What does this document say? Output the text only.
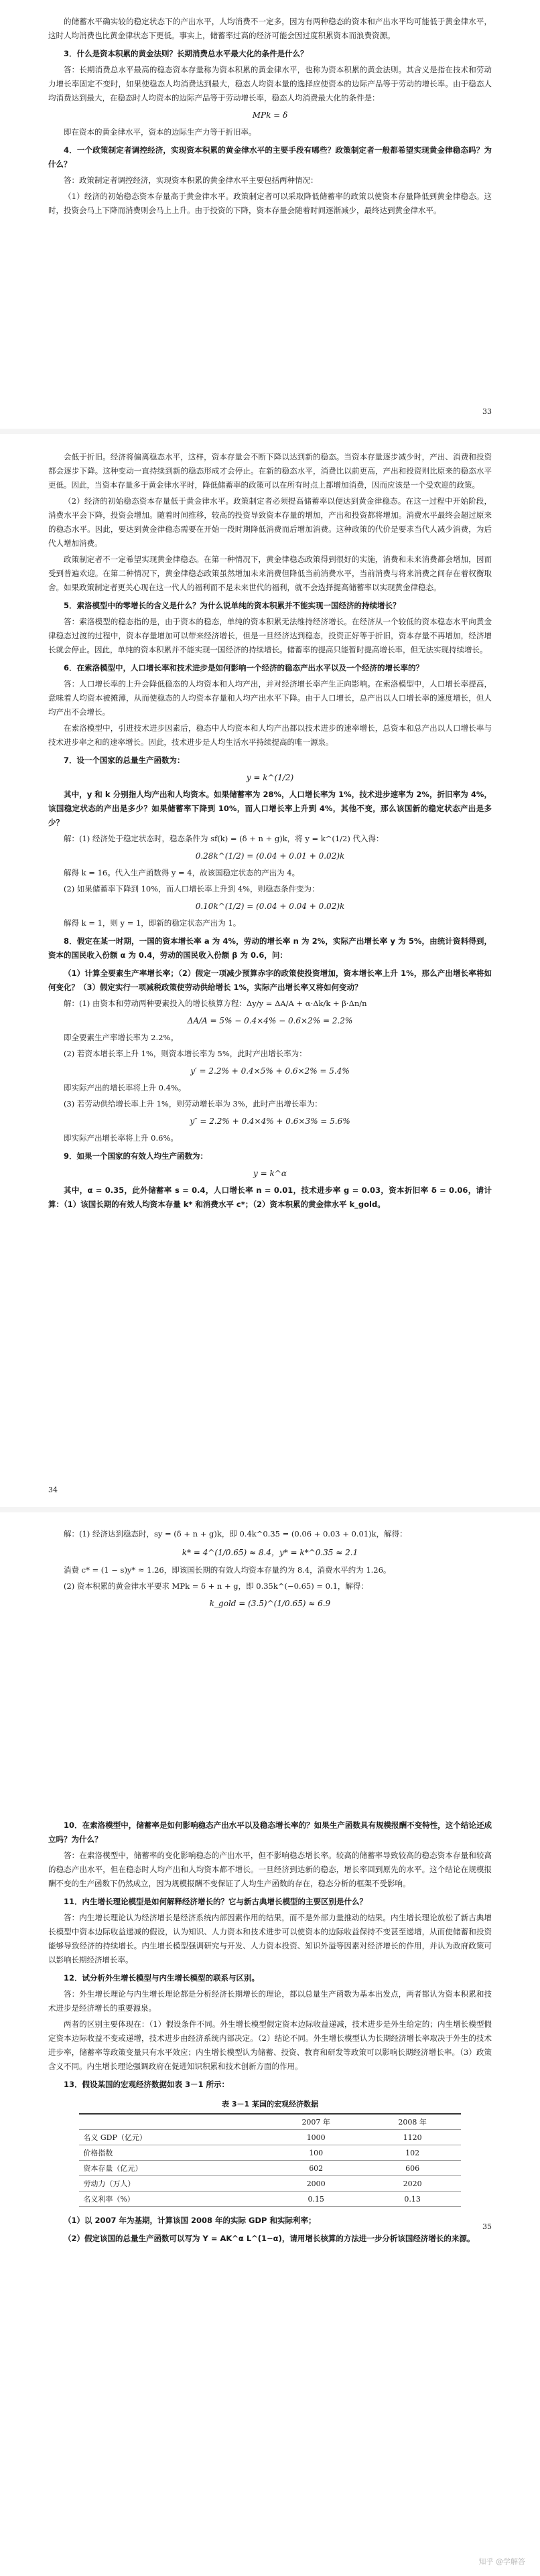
的储蓄水平确实较的稳定状态下的产出水平，人均消费不一定多，因为有两种稳态的资本和产出水平均可能低于黄金律水平，这时人均消费也比黄金律状态下更低。事实上，储蓄率过高的经济可能会因过度积累资本而浪费资源。

3．什么是资本积累的黄金法则？长期消费总水平最大化的条件是什么？

答：长期消费总水平最高的稳态资本存量称为资本积累的黄金律水平，也称为资本积累的黄金法则。其含义是指在技术和劳动力增长率固定不变时，如果使稳态人均消费达到最大，稳态人均资本量的选择应使资本的边际产品等于劳动的增长率。由于稳态人均消费达到最大，在稳态时人均资本的边际产品等于劳动增长率，稳态人均消费最大化的条件是：

MPk = δ

即在资本的黄金律水平，资本的边际生产力等于折旧率。

4．一个政策制定者调控经济，实现资本积累的黄金律水平的主要手段有哪些？政策制定者一般都希望实现黄金律稳态吗？为什么？

答：政策制定者调控经济，实现资本积累的黄金律水平主要包括两种情况：

（1）经济的初始稳态资本存量高于黄金律水平。政策制定者可以采取降低储蓄率的政策以使资本存量降低到黄金律稳态。这时，投资会马上下降而消费则会马上上升。由于投资的下降，资本存量会随着时间逐渐减少，最终达到黄金律水平。

33

会低于折旧。经济将偏离稳态水平，这样，资本存量会不断下降以达到新的稳态。当资本存量逐步减少时，产出、消费和投资都会逐步下降。这种变动一直持续到新的稳态形成才会停止。在新的稳态水平，消费比以前更高，产出和投资则比原来的稳态水平更低。因此，当资本存量多于黄金律水平时，降低储蓄率的政策可以在所有时点上都增加消费，因而应该是一个受欢迎的政策。

（2）经济的初始稳态资本存量低于黄金律水平。政策制定者必须提高储蓄率以便达到黄金律稳态。在这一过程中开始阶段，消费水平会下降，投资会增加。随着时间推移，较高的投资导致资本存量的增加，产出和投资都将增加。消费水平最终会超过原来的稳态水平。因此，要达到黄金律稳态需要在开始一段时期降低消费而后增加消费。这种政策的代价是要求当代人减少消费，为后代人增加消费。

政策制定者不一定希望实现黄金律稳态。在第一种情况下，黄金律稳态政策得到很好的实施，消费和未来消费都会增加，因而受到普遍欢迎。在第二种情况下，黄金律稳态政策虽然增加未来消费但降低当前消费水平，当前消费与将来消费之间存在着权衡取舍。如果政策制定者更关心现在这一代人的福利而不是未来世代的福利，就不会选择提高储蓄率以实现黄金律稳态。

5．索洛模型中的零增长的含义是什么？为什么说单纯的资本积累并不能实现一国经济的持续增长？

答：索洛模型的稳态指的是，由于资本的稳态，单纯的资本积累无法维持经济增长。在经济从一个较低的资本稳态水平向黄金律稳态过渡的过程中，资本存量增加可以带来经济增长，但是一旦经济达到稳态，投资正好等于折旧，资本存量不再增加，经济增长就会停止。因此，单纯的资本积累并不能实现一国经济的持续增长。储蓄率的提高只能暂时提高增长率，但无法实现持续增长。

6．在索洛模型中，人口增长率和技术进步是如何影响一个经济的稳态产出水平以及一个经济的增长率的？

答：人口增长率的上升会降低稳态的人均资本和人均产出，并对经济增长率产生正向影响。在索洛模型中，人口增长率提高，意味着人均资本被摊薄，从而使稳态的人均资本存量和人均产出水平下降。由于人口增长，总产出以人口增长率的速度增长，但人均产出不会增长。

在索洛模型中，引进技术进步因素后，稳态中人均资本和人均产出都以技术进步的速率增长，总资本和总产出以人口增长率与技术进步率之和的速率增长。因此，技术进步是人均生活水平持续提高的唯一源泉。

7．设一个国家的总量生产函数为：

y = k^(1/2)

其中，y 和 k 分别指人均产出和人均资本。如果储蓄率为 28%，人口增长率为 1%，技术进步速率为 2%，折旧率为 4%，该国稳定状态的产出是多少？如果储蓄率下降到 10%，而人口增长率上升到 4%，其他不变，那么该国新的稳定状态产出是多少？

解：(1) 经济处于稳定状态时，稳态条件为 sf(k) = (δ + n + g)k，将 y = k^(1/2) 代入得：

0.28k^(1/2) = (0.04 + 0.01 + 0.02)k

解得 k = 16。代入生产函数得 y = 4，故该国稳定状态的产出为 4。

(2) 如果储蓄率下降到 10%，而人口增长率上升到 4%，则稳态条件变为：

0.10k^(1/2) = (0.04 + 0.04 + 0.02)k

解得 k = 1，则 y = 1，即新的稳定状态产出为 1。

8．假定在某一时期，一国的资本增长率 a 为 4%，劳动的增长率 n 为 2%，实际产出增长率 y 为 5%，由统计资料得到，资本的国民收入份额 α 为 0.4，劳动的国民收入份额 β 为 0.6，问：

（1）计算全要素生产率增长率；（2）假定一项减少预算赤字的政策使投资增加，资本增长率上升 1%，那么产出增长率将如何变化？（3）假定实行一项减税政策使劳动供给增长 1%，实际产出增长率又将如何变动？

解：(1) 由资本和劳动两种要素投入的增长核算方程：Δy/y = ΔA/A + α·Δk/k + β·Δn/n

ΔA/A = 5% − 0.4×4% − 0.6×2% = 2.2%

即全要素生产率增长率为 2.2%。

(2) 若资本增长率上升 1%，则资本增长率为 5%，此时产出增长率为：

y′ = 2.2% + 0.4×5% + 0.6×2% = 5.4%

即实际产出的增长率将上升 0.4%。

(3) 若劳动供给增长率上升 1%，则劳动增长率为 3%，此时产出增长率为：

y″ = 2.2% + 0.4×4% + 0.6×3% = 5.6%

即实际产出增长率将上升 0.6%。

9．如果一个国家的有效人均生产函数为：

y = k^α

其中，α = 0.35，此外储蓄率 s = 0.4，人口增长率 n = 0.01，技术进步率 g = 0.03，资本折旧率 δ = 0.06，请计算：（1）该国长期的有效人均资本存量 k* 和消费水平 c*；（2）资本积累的黄金律水平 k_gold。

34

解：(1) 经济达到稳态时，sy = (δ + n + g)k，即 0.4k^0.35 = (0.06 + 0.03 + 0.01)k，解得：

k* = 4^(1/0.65) ≈ 8.4，y* = k*^0.35 ≈ 2.1

消费 c* = (1 − s)y* ≈ 1.26，即该国长期的有效人均资本存量约为 8.4，消费水平约为 1.26。

(2) 资本积累的黄金律水平要求 MPk = δ + n + g，即 0.35k^(−0.65) = 0.1，解得：

k_gold = (3.5)^(1/0.65) ≈ 6.9

10．在索洛模型中，储蓄率是如何影响稳态产出水平以及稳态增长率的？如果生产函数具有规模报酬不变特性，这个结论还成立吗？为什么？

答：在索洛模型中，储蓄率的变化影响稳态的产出水平，但不影响稳态增长率。较高的储蓄率导致较高的稳态资本存量和较高的稳态产出水平，但在稳态时人均产出和人均资本都不增长。一旦经济到达新的稳态，增长率回到原先的水平。这个结论在规模报酬不变的生产函数下仍然成立，因为规模报酬不变保证了人均生产函数的存在，稳态分析的框架不受影响。

11．内生增长理论模型是如何解释经济增长的？它与新古典增长模型的主要区别是什么？

答：内生增长理论认为经济增长是经济系统内部因素作用的结果，而不是外部力量推动的结果。内生增长理论放松了新古典增长模型中资本边际收益递减的假设，认为知识、人力资本和技术进步可以使资本的边际收益保持不变甚至递增，从而使储蓄和投资能够导致经济的持续增长。内生增长模型强调研究与开发、人力资本投资、知识外溢等因素对经济增长的作用，并认为政府政策可以影响长期经济增长率。

12．试分析外生增长模型与内生增长模型的联系与区别。

答：外生增长理论与内生增长理论都是分析经济长期增长的理论，都以总量生产函数为基本出发点，两者都认为资本积累和技术进步是经济增长的重要源泉。

两者的区别主要体现在：（1）假设条件不同。外生增长模型假定资本边际收益递减，技术进步是外生给定的；内生增长模型假定资本边际收益不变或递增，技术进步由经济系统内部决定。（2）结论不同。外生增长模型认为长期经济增长率取决于外生的技术进步率，储蓄率等政策变量只有水平效应；内生增长模型认为储蓄、投资、教育和研发等政策可以影响长期经济增长率。（3）政策含义不同。内生增长理论强调政府在促进知识积累和技术创新方面的作用。

13．假设某国的宏观经济数据如表 3－1 所示：

表 3－1 某国的宏观经济数据
	2007 年	2008 年
名义 GDP（亿元）	1000	1120
价格指数	100	102
资本存量（亿元）	602	606
劳动力（万人）	2000	2020
名义利率（%）	0.15	0.13

（1）以 2007 年为基期，计算该国 2008 年的实际 GDP 和实际利率；

（2）假定该国的总量生产函数可以写为 Y = AK^α L^(1−α)，请用增长核算的方法进一步分析该国经济增长的来源。

35
知乎 @学解答
